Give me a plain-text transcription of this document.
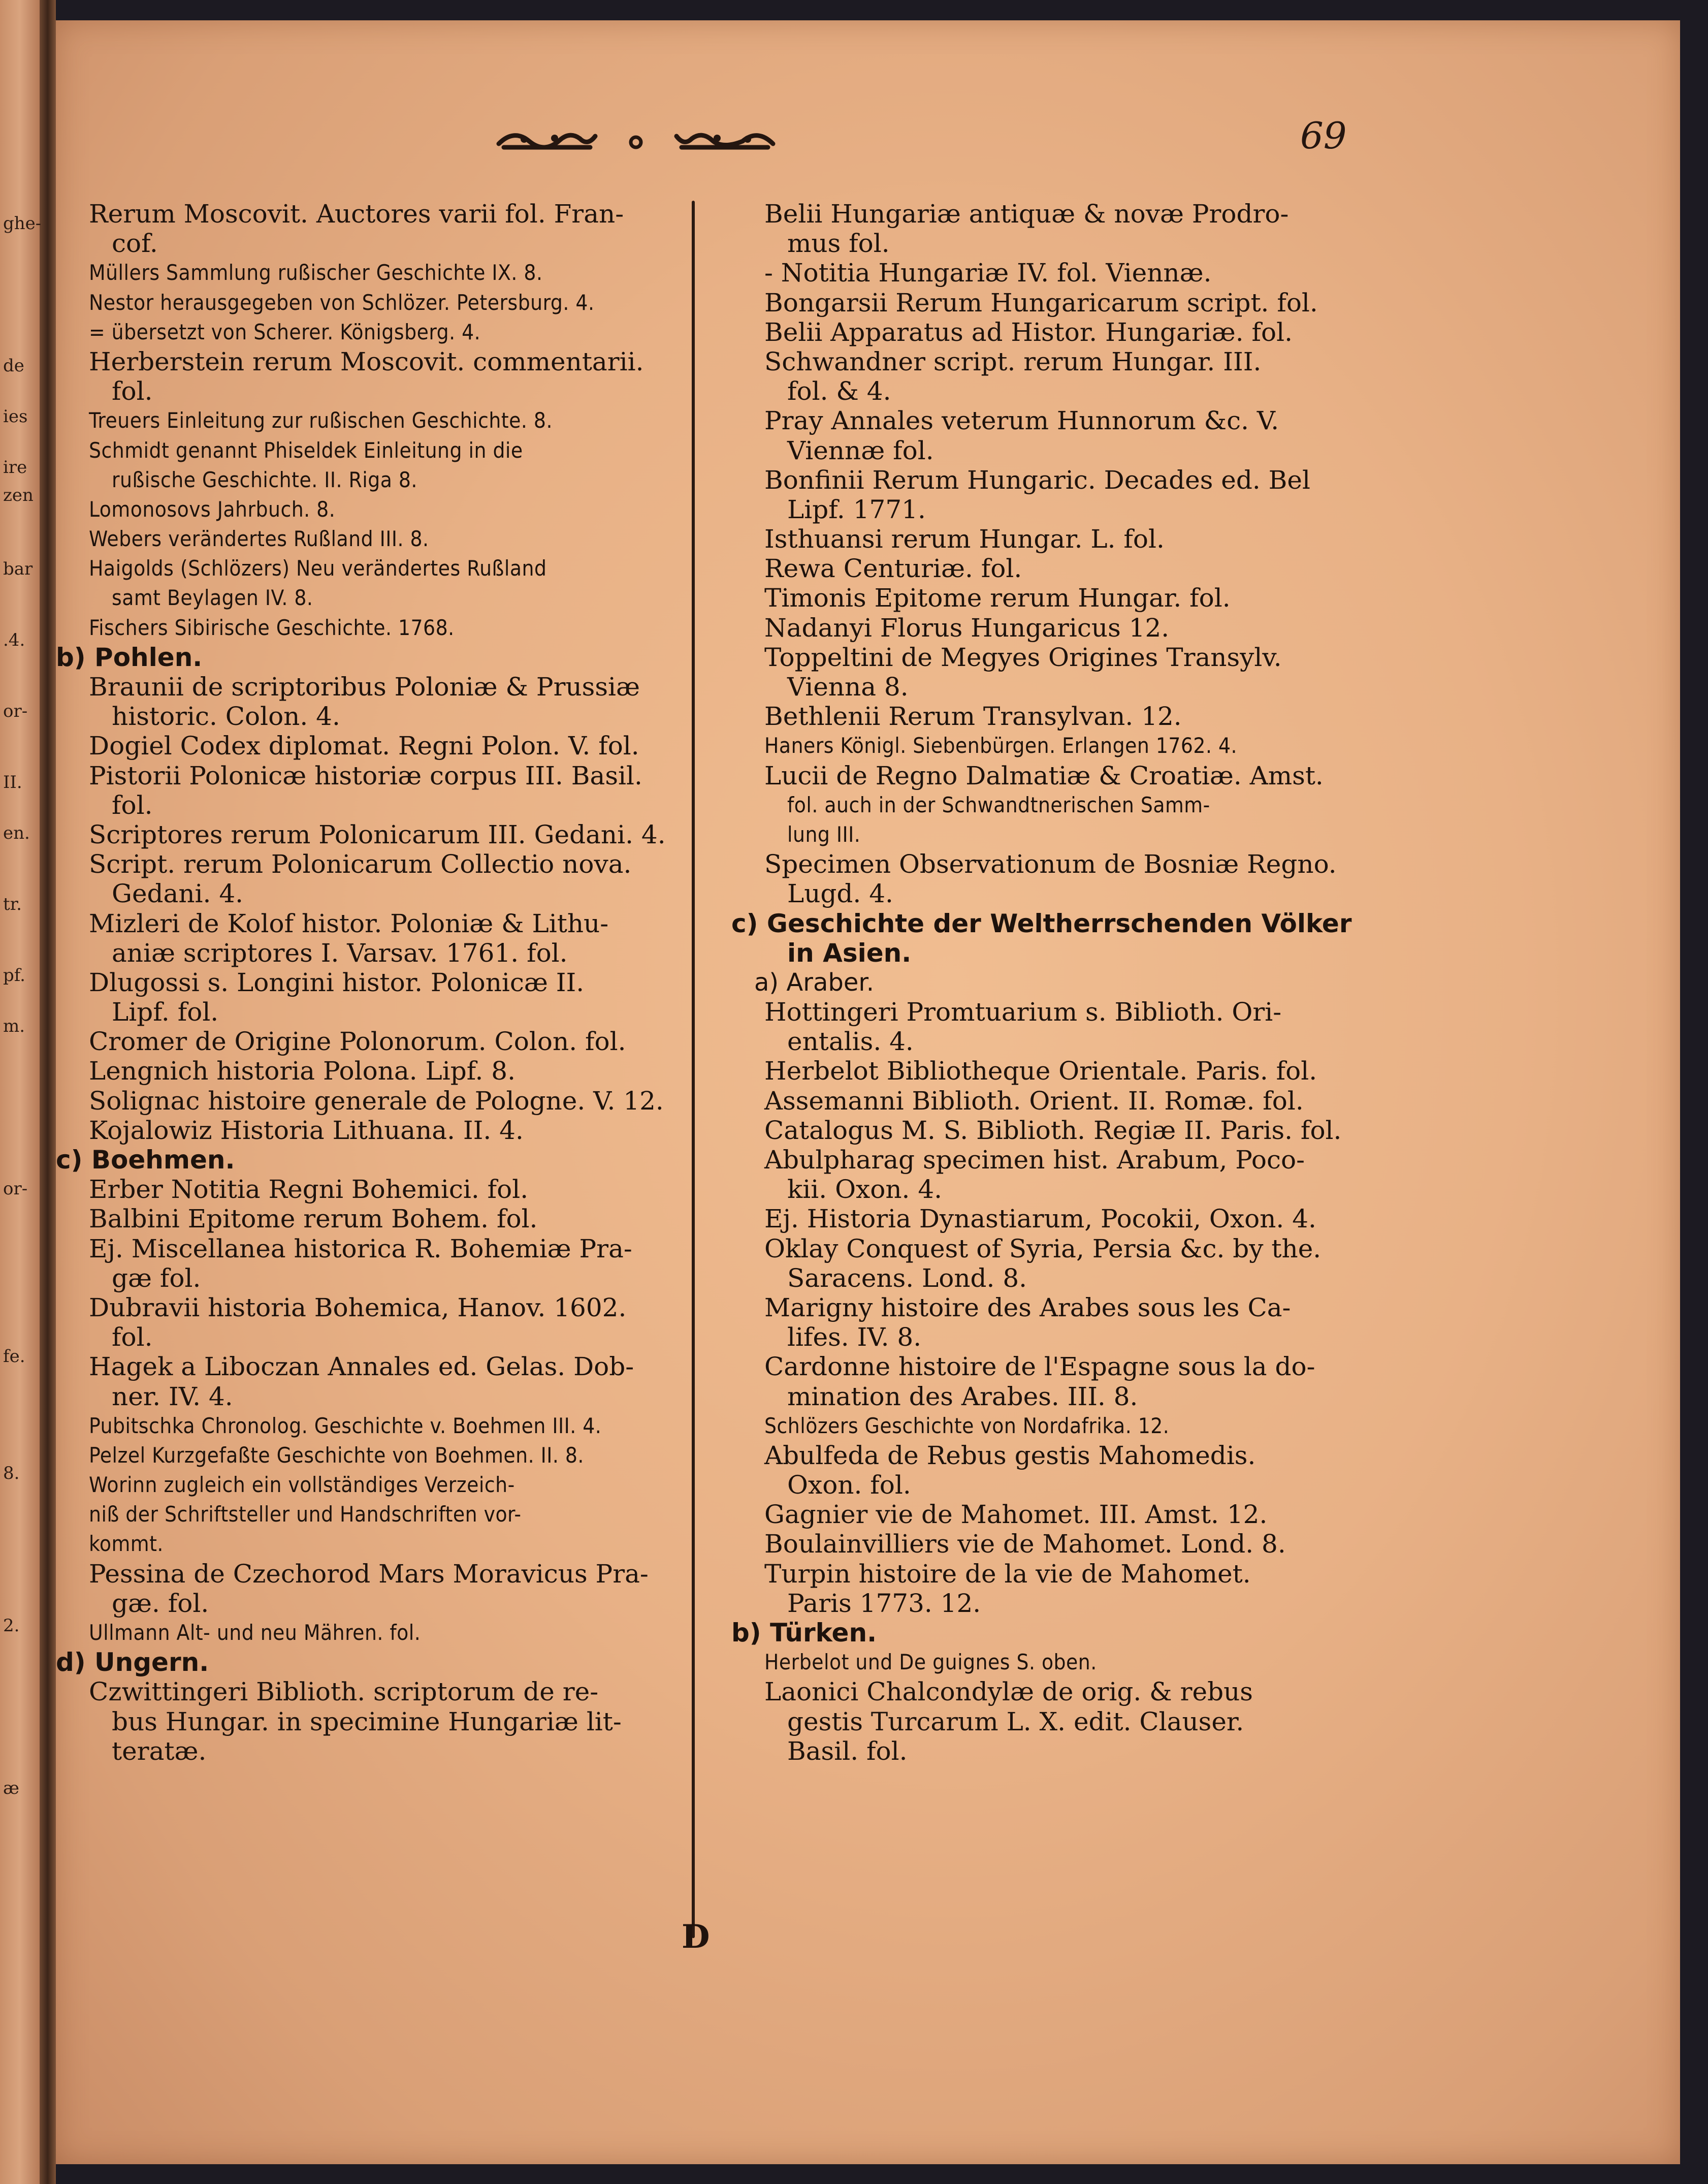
69
D
ghe-
de
ies
ire
zen
bar
.4.
or-
II.
en.
tr.
pf.
m.
or-
fe.
8.
2.
æ
Rerum Moscovit. Auctores varii fol. Fran-
cof.
Müllers Sammlung rußischer Geschichte IX. 8.
Nestor herausgegeben von Schlözer. Petersburg. 4.
= übersetzt von Scherer. Königsberg. 4.
Herberstein rerum Moscovit. commentarii.
fol.
Treuers Einleitung zur rußischen Geschichte. 8.
Schmidt genannt Phiseldek Einleitung in die
rußische Geschichte. II. Riga 8.
Lomonosovs Jahrbuch. 8.
Webers verändertes Rußland III. 8.
Haigolds (Schlözers) Neu verändertes Rußland
samt Beylagen IV. 8.
Fischers Sibirische Geschichte. 1768.
b) Pohlen.
Braunii de scriptoribus Poloniæ & Prussiæ
historic. Colon. 4.
Dogiel Codex diplomat. Regni Polon. V. fol.
Pistorii Polonicæ historiæ corpus III. Basil.
fol.
Scriptores rerum Polonicarum III. Gedani. 4.
Script. rerum Polonicarum Collectio nova.
Gedani. 4.
Mizleri de Kolof histor. Poloniæ & Lithu-
aniæ scriptores I. Varsav. 1761. fol.
Dlugossi s. Longini histor. Polonicæ II.
Lipf. fol.
Cromer de Origine Polonorum. Colon. fol.
Lengnich historia Polona. Lipf. 8.
Solignac histoire generale de Pologne. V. 12.
Kojalowiz Historia Lithuana. II. 4.
c) Boehmen.
Erber Notitia Regni Bohemici. fol.
Balbini Epitome rerum Bohem. fol.
Ej. Miscellanea historica R. Bohemiæ Pra-
gæ fol.
Dubravii historia Bohemica, Hanov. 1602.
fol.
Hagek a Liboczan Annales ed. Gelas. Dob-
ner. IV. 4.
Pubitschka Chronolog. Geschichte v. Boehmen III. 4.
Pelzel Kurzgefaßte Geschichte von Boehmen. II. 8.
Worinn zugleich ein vollständiges Verzeich-
niß der Schriftsteller und Handschriften vor-
kommt.
Pessina de Czechorod Mars Moravicus Pra-
gæ. fol.
Ullmann Alt- und neu Mähren. fol.
d) Ungern.
Czwittingeri Biblioth. scriptorum de re-
bus Hungar. in specimine Hungariæ lit-
teratæ.
Belii Hungariæ antiquæ & novæ Prodro-
mus fol.
- Notitia Hungariæ IV. fol. Viennæ.
Bongarsii Rerum Hungaricarum script. fol.
Belii Apparatus ad Histor. Hungariæ. fol.
Schwandner script. rerum Hungar. III.
fol. & 4.
Pray Annales veterum Hunnorum &c. V.
Viennæ fol.
Bonfinii Rerum Hungaric. Decades ed. Bel
Lipf. 1771.
Isthuansi rerum Hungar. L. fol.
Rewa Centuriæ. fol.
Timonis Epitome rerum Hungar. fol.
Nadanyi Florus Hungaricus 12.
Toppeltini de Megyes Origines Transylv.
Vienna 8.
Bethlenii Rerum Transylvan. 12.
Haners Königl. Siebenbürgen. Erlangen 1762. 4.
Lucii de Regno Dalmatiæ & Croatiæ. Amst.
fol. auch in der Schwandtnerischen Samm-
lung III.
Specimen Observationum de Bosniæ Regno.
Lugd. 4.
c) Geschichte der Weltherrschenden Völker
in Asien.
a) Araber.
Hottingeri Promtuarium s. Biblioth. Ori-
entalis. 4.
Herbelot Bibliotheque Orientale. Paris. fol.
Assemanni Biblioth. Orient. II. Romæ. fol.
Catalogus M. S. Biblioth. Regiæ II. Paris. fol.
Abulpharag specimen hist. Arabum, Poco-
kii. Oxon. 4.
Ej. Historia Dynastiarum, Pocokii, Oxon. 4.
Oklay Conquest of Syria, Persia &c. by the.
Saracens. Lond. 8.
Marigny histoire des Arabes sous les Ca-
lifes. IV. 8.
Cardonne histoire de l'Espagne sous la do-
mination des Arabes. III. 8.
Schlözers Geschichte von Nordafrika. 12.
Abulfeda de Rebus gestis Mahomedis.
Oxon. fol.
Gagnier vie de Mahomet. III. Amst. 12.
Boulainvilliers vie de Mahomet. Lond. 8.
Turpin histoire de la vie de Mahomet.
Paris 1773. 12.
b) Türken.
Herbelot und De guignes S. oben.
Laonici Chalcondylæ de orig. & rebus
gestis Turcarum L. X. edit. Clauser.
Basil. fol.
